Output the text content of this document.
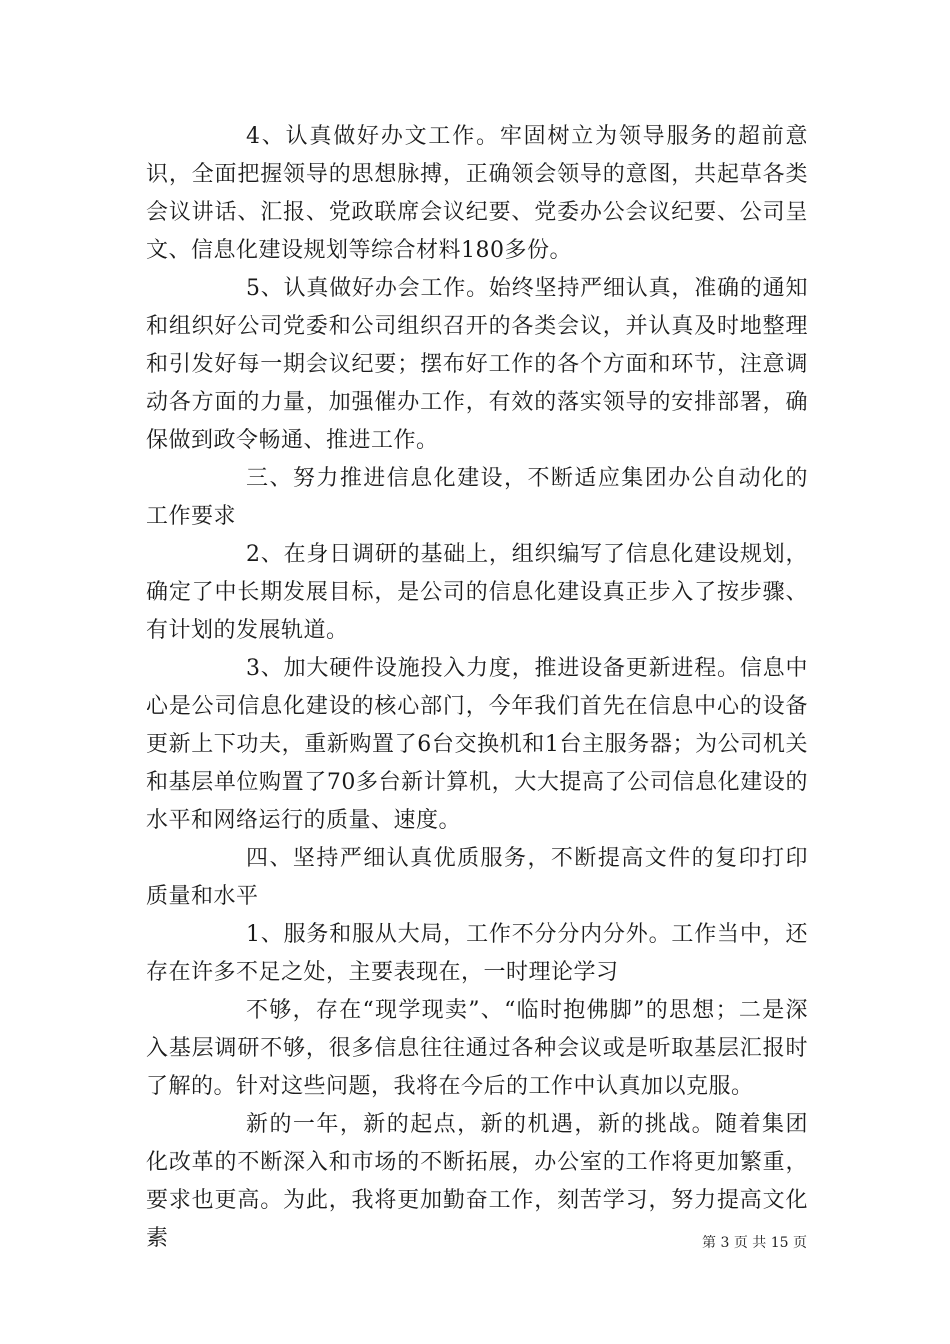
4、认真做好办文工作。牢固树立为领导服务的超前意识，全面把握领导的思想脉搏，正确领会领导的意图，共起草各类会议讲话、汇报、党政联席会议纪要、党委办公会议纪要、公司呈文、信息化建设规划等综合材料180多份。

5、认真做好办会工作。始终坚持严细认真，准确的通知和组织好公司党委和公司组织召开的各类会议，并认真及时地整理和引发好每一期会议纪要；摆布好工作的各个方面和环节，注意调动各方面的力量，加强催办工作，有效的落实领导的安排部署，确保做到政令畅通、推进工作。

三、努力推进信息化建设，不断适应集团办公自动化的工作要求

2、在身日调研的基础上，组织编写了信息化建设规划，确定了中长期发展目标，是公司的信息化建设真正步入了按步骤、有计划的发展轨道。

3、加大硬件设施投入力度，推进设备更新进程。信息中心是公司信息化建设的核心部门，今年我们首先在信息中心的设备更新上下功夫，重新购置了6台交换机和1台主服务器；为公司机关和基层单位购置了70多台新计算机，大大提高了公司信息化建设的水平和网络运行的质量、速度。

四、坚持严细认真优质服务，不断提高文件的复印打印质量和水平

1、服务和服从大局，工作不分分内分外。工作当中，还存在许多不足之处，主要表现在，一时理论学习

不够，存在“现学现卖”、“临时抱佛脚”的思想；二是深入基层调研不够，很多信息往往通过各种会议或是听取基层汇报时了解的。针对这些问题，我将在今后的工作中认真加以克服。

新的一年，新的起点，新的机遇，新的挑战。随着集团化改革的不断深入和市场的不断拓展，办公室的工作将更加繁重，要求也更高。为此，我将更加勤奋工作，刻苦学习，努力提高文化素	第 3 页 共 15 页
